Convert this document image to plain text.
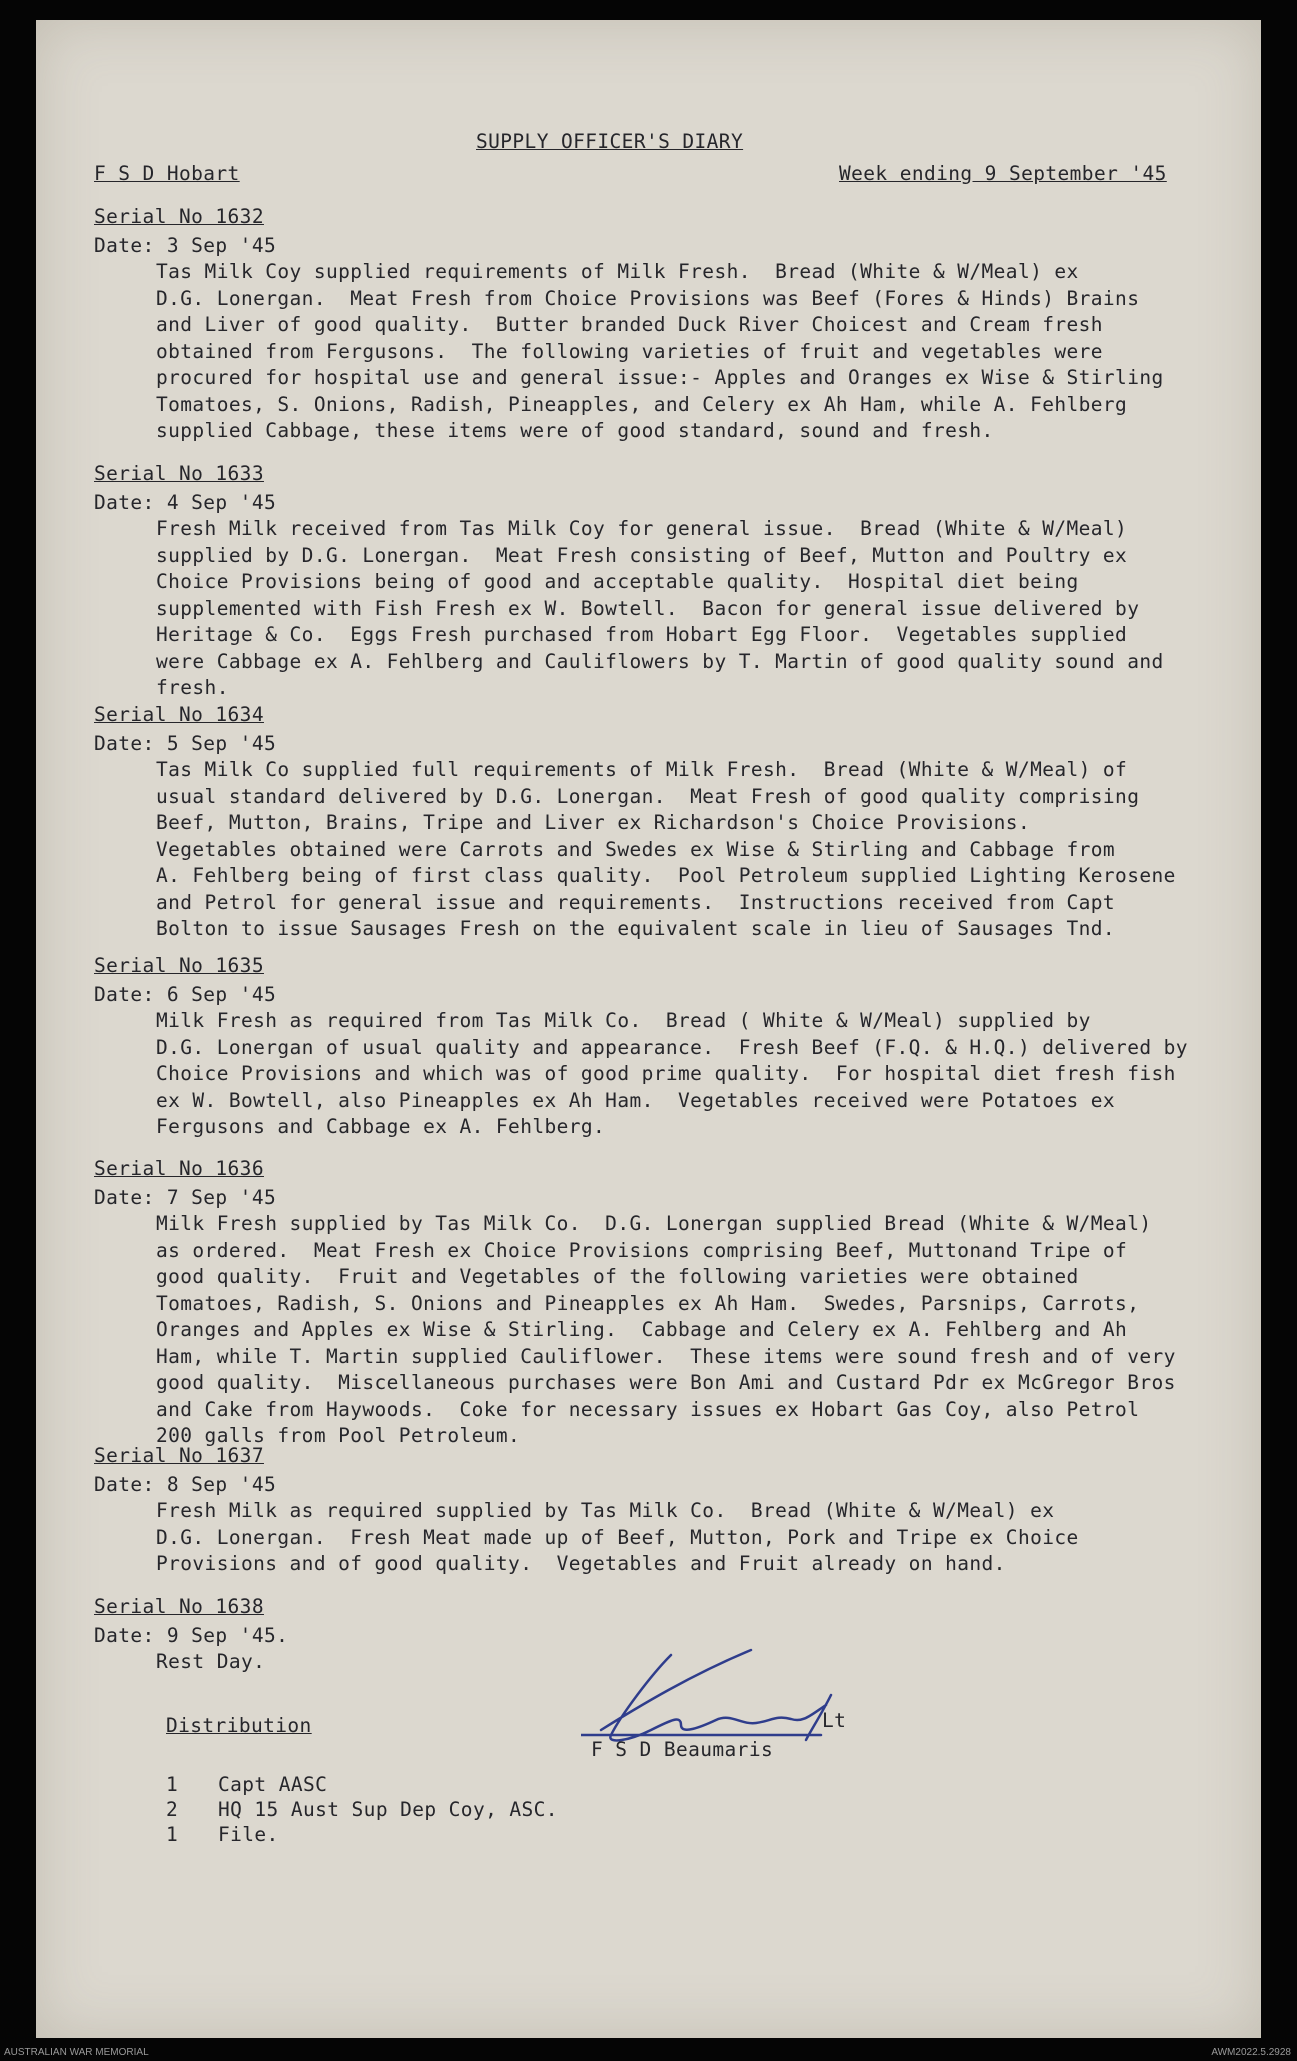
SUPPLY OFFICER'S DIARY
F S D Hobart	Week ending 9 September '45
Serial No 1632
Date: 3 Sep '45
Tas Milk Coy supplied requirements of Milk Fresh.  Bread (White & W/Meal) ex
D.G. Lonergan.  Meat Fresh from Choice Provisions was Beef (Fores & Hinds) Brains
and Liver of good quality.  Butter branded Duck River Choicest and Cream fresh
obtained from Fergusons.  The following varieties of fruit and vegetables were
procured for hospital use and general issue:- Apples and Oranges ex Wise & Stirling
Tomatoes, S. Onions, Radish, Pineapples, and Celery ex Ah Ham, while A. Fehlberg
supplied Cabbage, these items were of good standard, sound and fresh.
Serial No 1633
Date: 4 Sep '45
Fresh Milk received from Tas Milk Coy for general issue.  Bread (White & W/Meal)
supplied by D.G. Lonergan.  Meat Fresh consisting of Beef, Mutton and Poultry ex
Choice Provisions being of good and acceptable quality.  Hospital diet being
supplemented with Fish Fresh ex W. Bowtell.  Bacon for general issue delivered by
Heritage & Co.  Eggs Fresh purchased from Hobart Egg Floor.  Vegetables supplied
were Cabbage ex A. Fehlberg and Cauliflowers by T. Martin of good quality sound and
fresh.
Serial No 1634
Date: 5 Sep '45
Tas Milk Co supplied full requirements of Milk Fresh.  Bread (White & W/Meal) of
usual standard delivered by D.G. Lonergan.  Meat Fresh of good quality comprising
Beef, Mutton, Brains, Tripe and Liver ex Richardson's Choice Provisions.
Vegetables obtained were Carrots and Swedes ex Wise & Stirling and Cabbage from
A. Fehlberg being of first class quality.  Pool Petroleum supplied Lighting Kerosene
and Petrol for general issue and requirements.  Instructions received from Capt
Bolton to issue Sausages Fresh on the equivalent scale in lieu of Sausages Tnd.
Serial No 1635
Date: 6 Sep '45
Milk Fresh as required from Tas Milk Co.  Bread ( White & W/Meal) supplied by
D.G. Lonergan of usual quality and appearance.  Fresh Beef (F.Q. & H.Q.) delivered by
Choice Provisions and which was of good prime quality.  For hospital diet fresh fish
ex W. Bowtell, also Pineapples ex Ah Ham.  Vegetables received were Potatoes ex
Fergusons and Cabbage ex A. Fehlberg.
Serial No 1636
Date: 7 Sep '45
Milk Fresh supplied by Tas Milk Co.  D.G. Lonergan supplied Bread (White & W/Meal)
as ordered.  Meat Fresh ex Choice Provisions comprising Beef, Muttonand Tripe of
good quality.  Fruit and Vegetables of the following varieties were obtained
Tomatoes, Radish, S. Onions and Pineapples ex Ah Ham.  Swedes, Parsnips, Carrots,
Oranges and Apples ex Wise & Stirling.  Cabbage and Celery ex A. Fehlberg and Ah
Ham, while T. Martin supplied Cauliflower.  These items were sound fresh and of very
good quality.  Miscellaneous purchases were Bon Ami and Custard Pdr ex McGregor Bros
and Cake from Haywoods.  Coke for necessary issues ex Hobart Gas Coy, also Petrol
200 galls from Pool Petroleum.
Serial No 1637
Date: 8 Sep '45
Fresh Milk as required supplied by Tas Milk Co.  Bread (White & W/Meal) ex
D.G. Lonergan.  Fresh Meat made up of Beef, Mutton, Pork and Tripe ex Choice
Provisions and of good quality.  Vegetables and Fruit already on hand.
Serial No 1638
Date: 9 Sep '45.
Rest Day.
Distribution
1 Capt AASC
2 HQ 15 Aust Sup Dep Coy, ASC.
1 File.
Lt
F S D Beaumaris
AUSTRALIAN WAR MEMORIAL	AWM2022.5.2928
